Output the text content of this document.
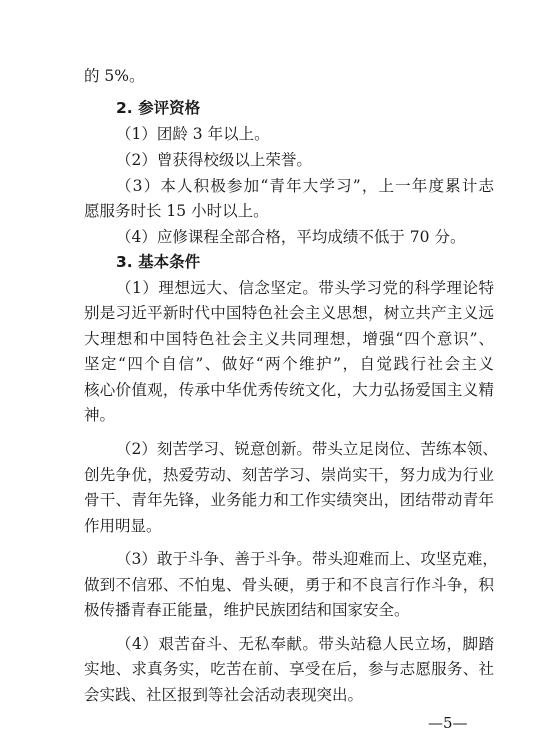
的 5%。
2. 参评资格
（1）团龄 3 年以上。
（2）曾获得校级以上荣誉。
（3）本人积极参加“青年大学习”，上一年度累计志
愿服务时长 15 小时以上。
（4）应修课程全部合格，平均成绩不低于 70 分。
3. 基本条件
（1）理想远大、信念坚定。带头学习党的科学理论特
别是习近平新时代中国特色社会主义思想，树立共产主义远
大理想和中国特色社会主义共同理想，增强“四个意识”、
坚定“四个自信”、做好“两个维护”，自觉践行社会主义
核心价值观，传承中华优秀传统文化，大力弘扬爱国主义精
神。
（2）刻苦学习、锐意创新。带头立足岗位、苦练本领、
创先争优，热爱劳动、刻苦学习、崇尚实干，努力成为行业
骨干、青年先锋，业务能力和工作实绩突出，团结带动青年
作用明显。
（3）敢于斗争、善于斗争。带头迎难而上、攻坚克难，
做到不信邪、不怕鬼、骨头硬，勇于和不良言行作斗争，积
极传播青春正能量，维护民族团结和国家安全。
（4）艰苦奋斗、无私奉献。带头站稳人民立场，脚踏
实地、求真务实，吃苦在前、享受在后，参与志愿服务、社
会实践、社区报到等社会活动表现突出。
—5—
